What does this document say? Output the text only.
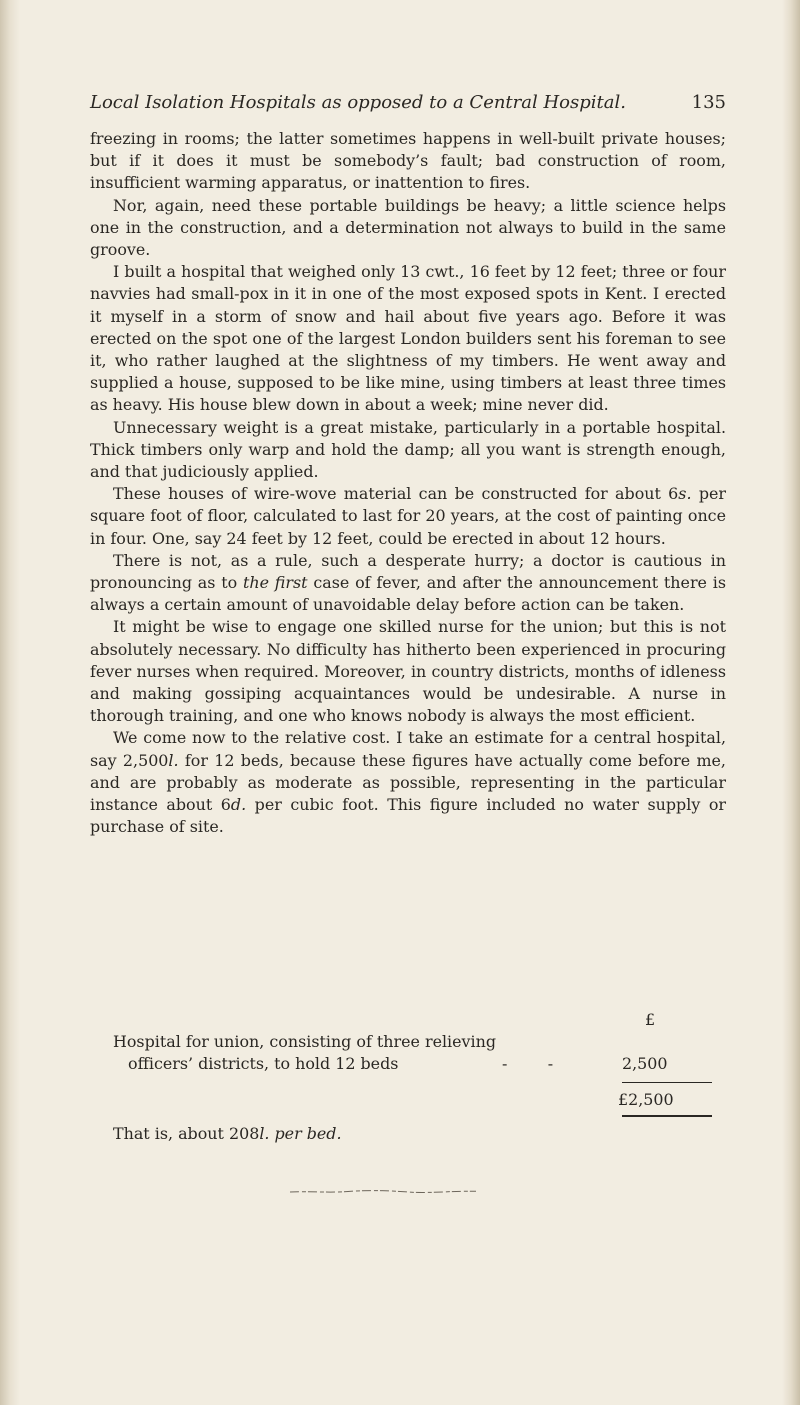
Local Isolation Hospitals as opposed to a Central Hospital.	135

freezing in rooms; the latter sometimes happens in well-built private houses; but if it does it must be somebody’s fault; bad construction of room, insufficient warming apparatus, or inattention to fires.

Nor, again, need these portable buildings be heavy; a little science helps one in the construction, and a determination not always to build in the same groove.

I built a hospital that weighed only 13 cwt., 16 feet by 12 feet; three or four navvies had small-pox in it in one of the most exposed spots in Kent. I erected it myself in a storm of snow and hail about five years ago. Before it was erected on the spot one of the largest London builders sent his foreman to see it, who rather laughed at the slightness of my timbers. He went away and supplied a house, supposed to be like mine, using timbers at least three times as heavy. His house blew down in about a week; mine never did.

Unnecessary weight is a great mistake, particularly in a portable hospital. Thick timbers only warp and hold the damp; all you want is strength enough, and that judiciously applied.

These houses of wire-wove material can be constructed for about 6s. per square foot of floor, calculated to last for 20 years, at the cost of painting once in four. One, say 24 feet by 12 feet, could be erected in about 12 hours.

There is not, as a rule, such a desperate hurry; a doctor is cautious in pronouncing as to the first case of fever, and after the announcement there is always a certain amount of unavoidable delay before action can be taken.

It might be wise to engage one skilled nurse for the union; but this is not absolutely necessary. No difficulty has hitherto been experienced in procuring fever nurses when required. Moreover, in country districts, months of idleness and making gossiping acquaintances would be undesirable. A nurse in thorough training, and one who knows nobody is always the most efficient.

We come now to the relative cost. I take an estimate for a central hospital, say 2,500l. for 12 beds, because these figures have actually come before me, and are probably as moderate as possible, representing in the particular instance about 6d. per cubic foot. This figure included no water supply or purchase of site.

£
Hospital for union, consisting of three relieving
officers’ districts, to hold 12 beds	-        -	2,500
£2,500
That is, about 208l. per bed.
